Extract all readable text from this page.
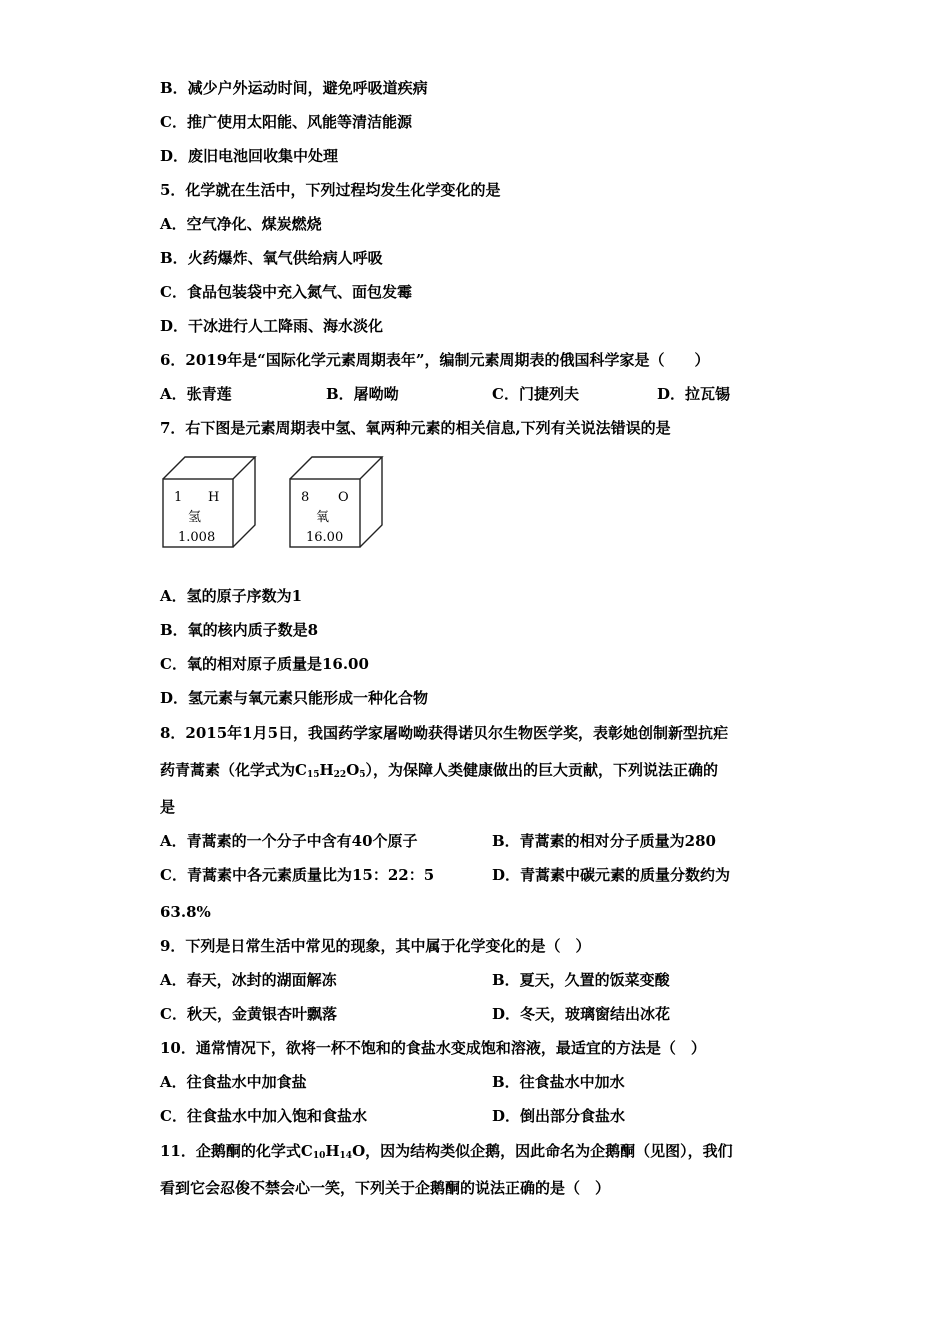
B．减少户外运动时间，避免呼吸道疾病
C．推广使用太阳能、风能等清洁能源
D．废旧电池回收集中处理
5．化学就在生活中，下列过程均发生化学变化的是
A．空气净化、煤炭燃烧
B．火药爆炸、氧气供给病人呼吸
C．食品包装袋中充入氮气、面包发霉
D．干冰进行人工降雨、海水淡化
6．2019年是“国际化学元素周期表年”，编制元素周期表的俄国科学家是（　　）
A．张青莲	B．屠呦呦	C．门捷列夫	D．拉瓦锡
7．右下图是元素周期表中氢、氧两种元素的相关信息,下列有关说法错误的是
1 H
氢
1.008
8 O
氧
16.00
A．氢的原子序数为1
B．氧的核内质子数是8
C．氧的相对原子质量是16.00
D．氢元素与氧元素只能形成一种化合物
8．2015年1月5日，我国药学家屠呦呦获得诺贝尔生物医学奖，表彰她创制新型抗疟
药青蒿素（化学式为$C_{15}H_{22}O_5$），为保障人类健康做出的巨大贡献，下列说法正确的
是
A．青蒿素的一个分子中含有40个原子	B．青蒿素的相对分子质量为280
C．青蒿素中各元素质量比为15：22：5	D．青蒿素中碳元素的质量分数约为
63.8%
9．下列是日常生活中常见的现象，其中属于化学变化的是（　）
A．春天，冰封的湖面解冻	B．夏天，久置的饭菜变酸
C．秋天，金黄银杏叶飘落	D．冬天，玻璃窗结出冰花
10．通常情况下，欲将一杯不饱和的食盐水变成饱和溶液，最适宜的方法是（　）
A．往食盐水中加食盐	B．往食盐水中加水
C．往食盐水中加入饱和食盐水	D．倒出部分食盐水
11．企鹅酮的化学式$C_{10}H_{14}O$，因为结构类似企鹅，因此命名为企鹅酮（见图），我们
看到它会忍俊不禁会心一笑，下列关于企鹅酮的说法正确的是（　）
